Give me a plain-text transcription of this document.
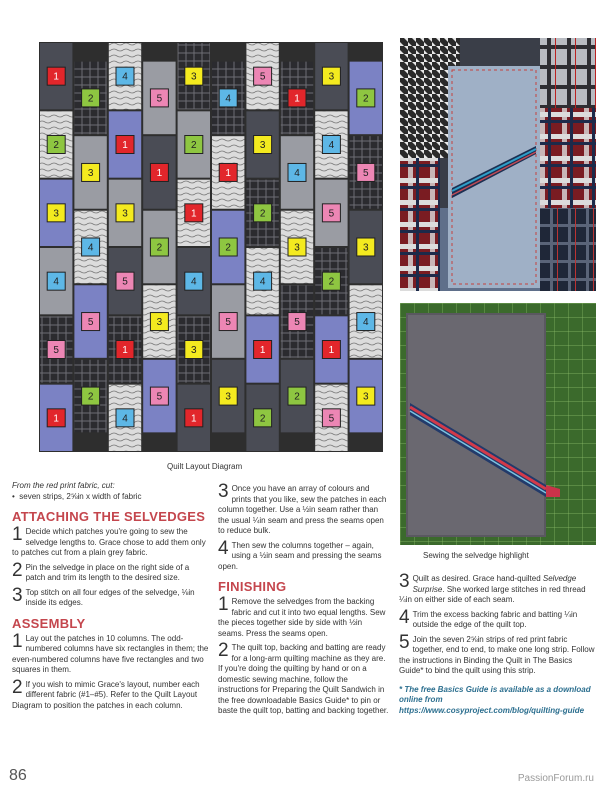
1
2
3
4
5
1
2
3
4
5
2
4
1
3
5
1
4
5
1
2
3
5
3
2
1
4
3
1
4
1
2
5
3
5
3
2
4
1
2
1
4
3
5
2
3
4
5
2
1
5
2
5
3
4
3
Quilt Layout Diagram
Sewing the selvedge highlight

From the red print fabric, cut:

•  seven strips, 2⅝in x width of fabric

ATTACHING THE SELVEDGES
1 Decide which patches you're going to sew the selvedge lengths to. Grace chose to add them only to patches cut from a plain grey fabric.
2 Pin the selvedge in place on the right side of a patch and trim its length to the desired size.
3 Top stitch on all four edges of the selvedge, ⅛in inside its edges.
ASSEMBLY
1 Lay out the patches in 10 columns. The odd-numbered columns have six rectangles in them; the even-numbered columns have five rectangles and two squares in them.
2 If you wish to mimic Grace's layout, number each different fabric (#1–#5). Refer to the Quilt Layout Diagram to position the patches in each column.
3 Once you have an array of colours and prints that you like, sew the patches in each column together. Use a ½in seam rather than the usual ¼in seam and press the seams open to reduce bulk.
4 Then sew the columns together – again, using a ½in seam and pressing the seams open.
FINISHING
1 Remove the selvedges from the backing fabric and cut it into two equal lengths. Sew the pieces together side by side with ½in seams. Press the seams open.
2 The quilt top, backing and batting are ready for a long-arm quilting machine as they are. If you're doing the quilting by hand or on a domestic sewing machine, follow the instructions for Preparing the Quilt Sandwich in the free downloadable Basics Guide* to pin or baste the quilt top, batting and backing together.
3 Quilt as desired. Grace hand-quilted Selvedge Surprise. She worked large stitches in red thread ¼in on either side of each seam.
4 Trim the excess backing fabric and batting ¼in outside the edge of the quilt top.
5 Join the seven 2⅝in strips of red print fabric together, end to end, to make one long strip. Follow the instructions in Binding the Quilt in The Basics Guide* to bind the quilt using this strip.

* The free Basics Guide is available as a download online from https://www.cosyproject.com/blog/quilting-guide

86	PassionForum.ru
